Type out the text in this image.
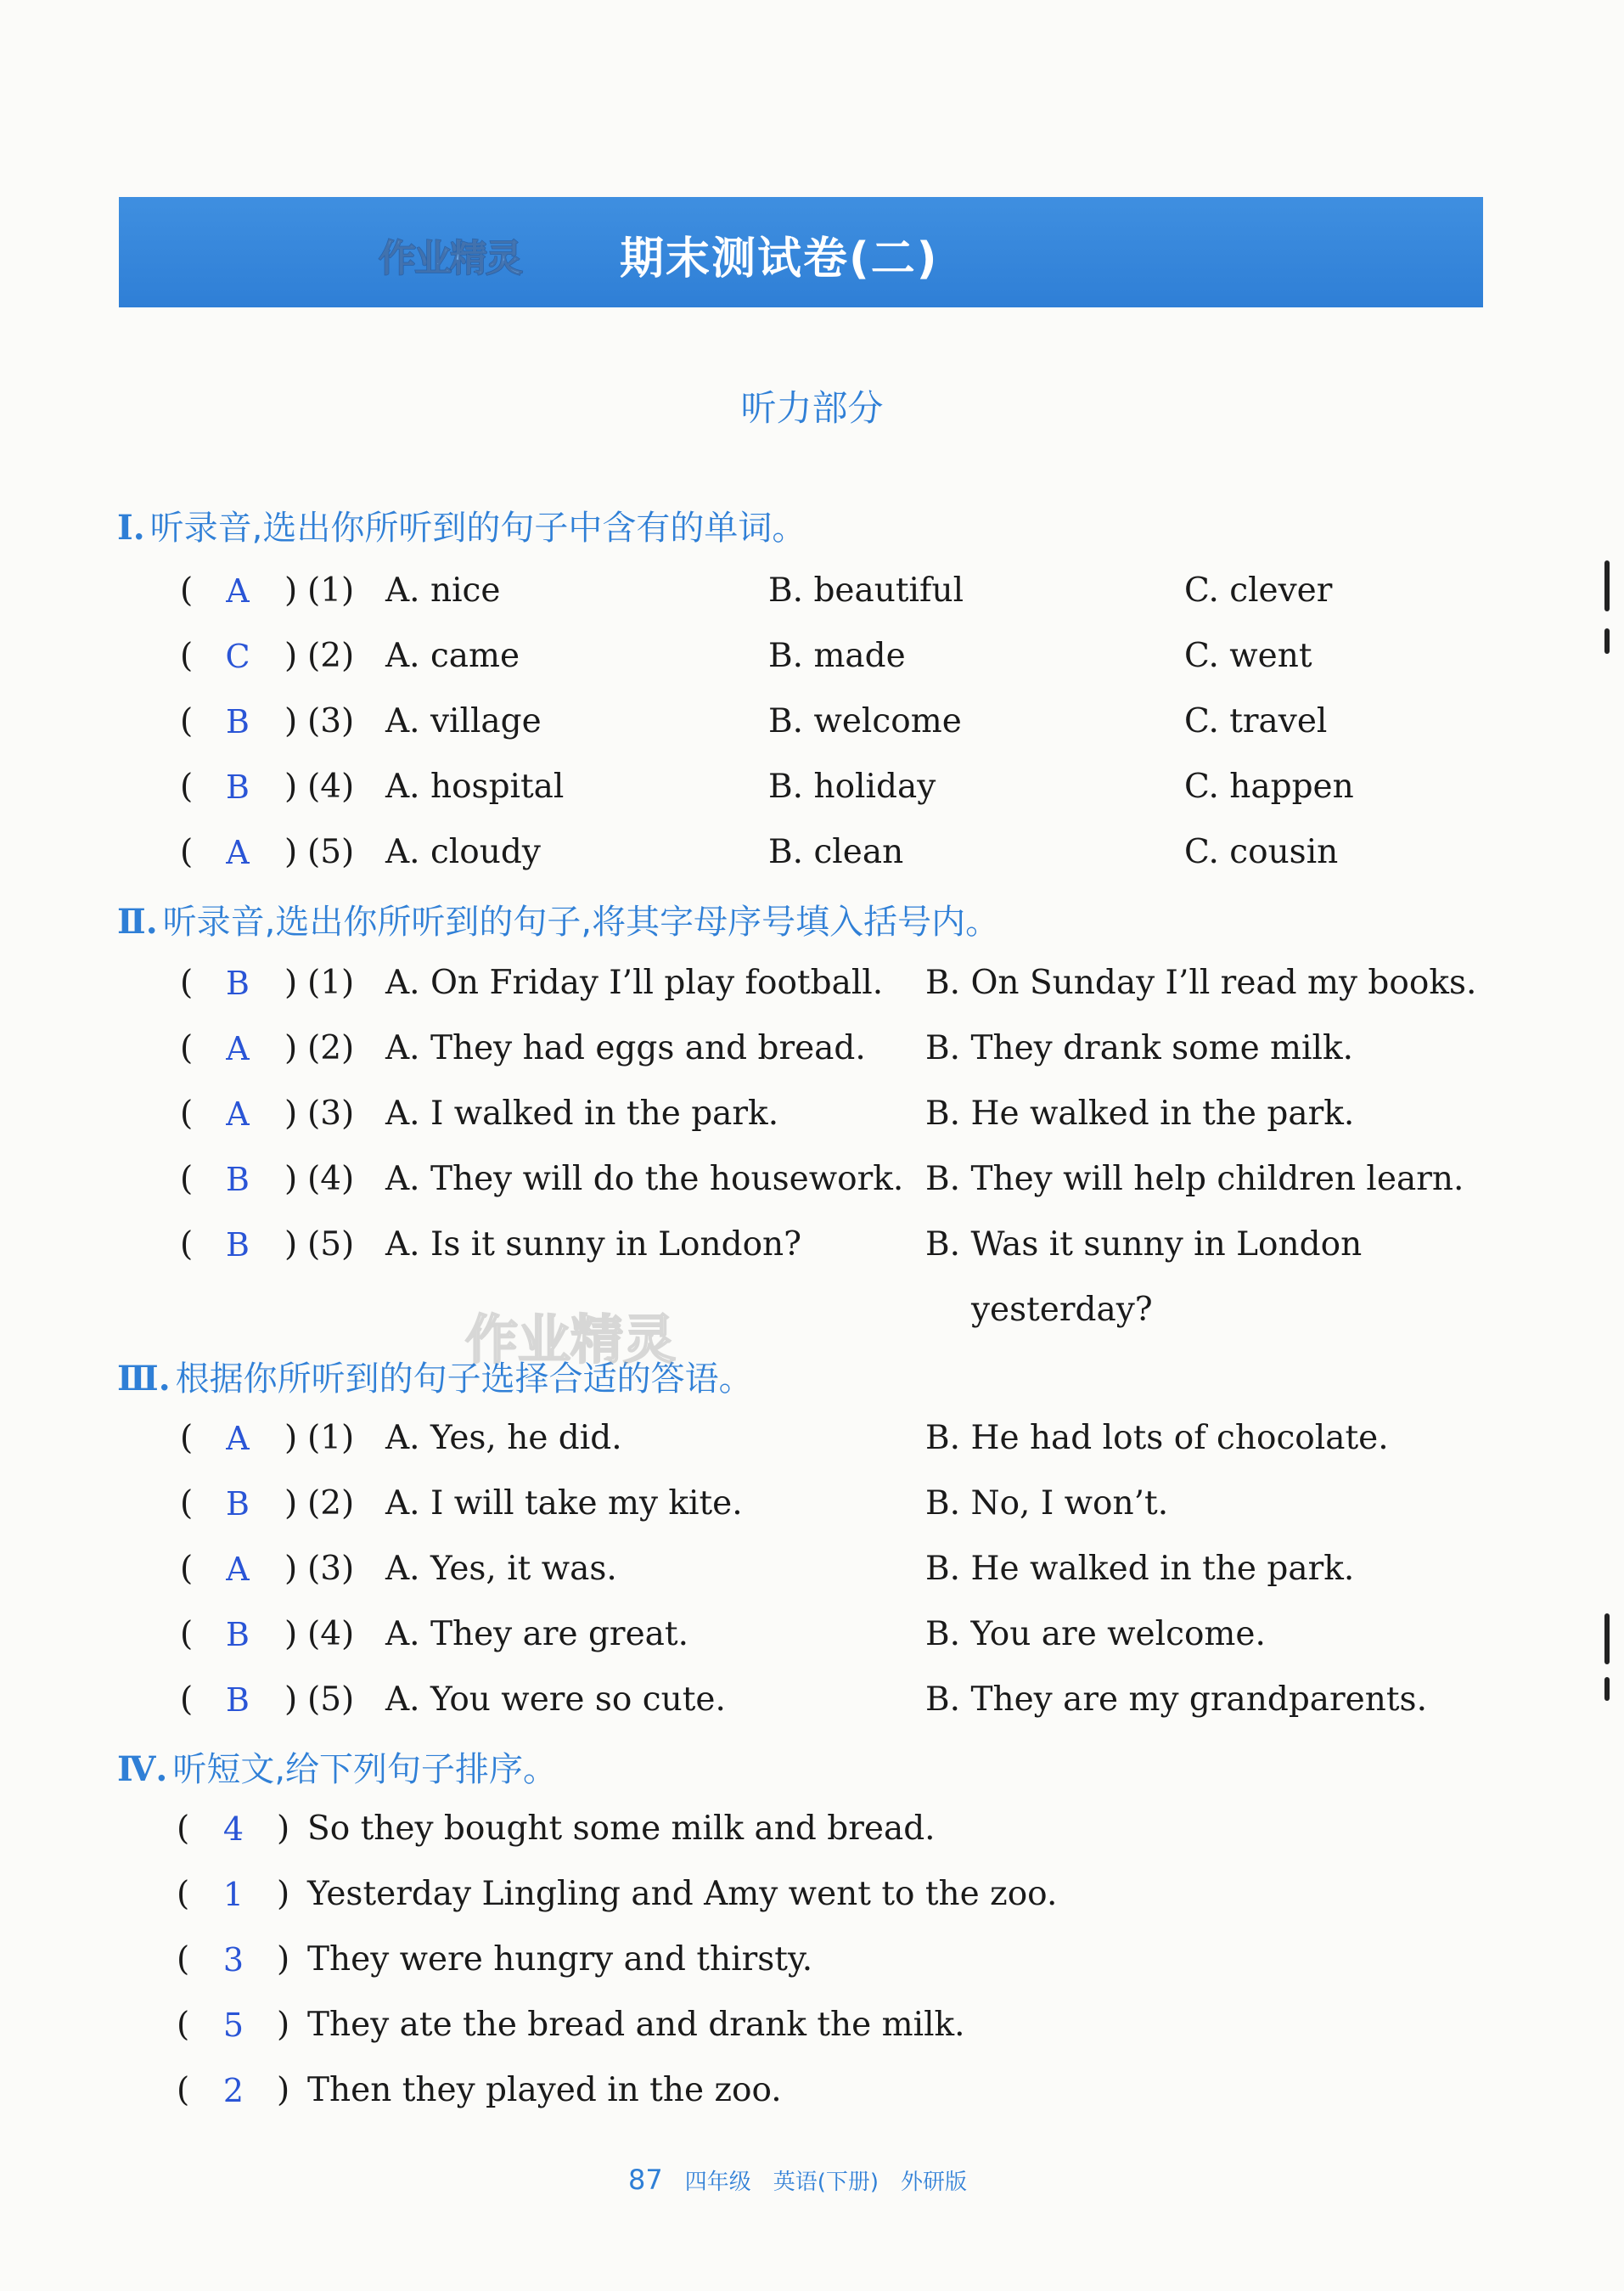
作业精灵 期末测试卷(二)
听力部分
Ⅰ. 听录音,选出你所听到的句子中含有的单词。
(	A	) (1) A. nice	B. beautiful	C. clever
(	C	) (2) A. came	B. made	C. went
(	B	) (3) A. village	B. welcome	C. travel
(	B	) (4) A. hospital	B. holiday	C. happen
(	A	) (5) A. cloudy	B. clean	C. cousin
Ⅱ. 听录音,选出你所听到的句子,将其字母序号填入括号内。
(	B	) (1) A. On Friday I’ll play football. B. On Sunday I’ll read my books.
(	A	) (2) A. They had eggs and bread. B. They drank some milk.
(	A	) (3) A. I walked in the park.	B. He walked in the park.
(	B	) (4) A. They will do the housework. B. They will help children learn.
(	B	) (5) A. Is it sunny in London?	B. Was it sunny in London
yesterday?
Ⅲ. 根据你所听到的句子选择合适的答语。
(	A	) (1) A. Yes, he did.	B. He had lots of chocolate.
(	B	) (2) A. I will take my kite.	B. No, I won’t.
(	A	) (3) A. Yes, it was.	B. He walked in the park.
(	B	) (4) A. They are great.	B. You are welcome.
(	B	) (5) A. You were so cute.	B. They are my grandparents.
Ⅳ. 听短文,给下列句子排序。
(	4 ) So they bought some milk and bread.
(	1 ) Yesterday Lingling and Amy went to the zoo.
(	3 ) They were hungry and thirsty.
(	5 ) They ate the bread and drank the milk.
(	2 ) Then they played in the zoo.
作业精灵
87 四年级 英语(下册) 外研版
